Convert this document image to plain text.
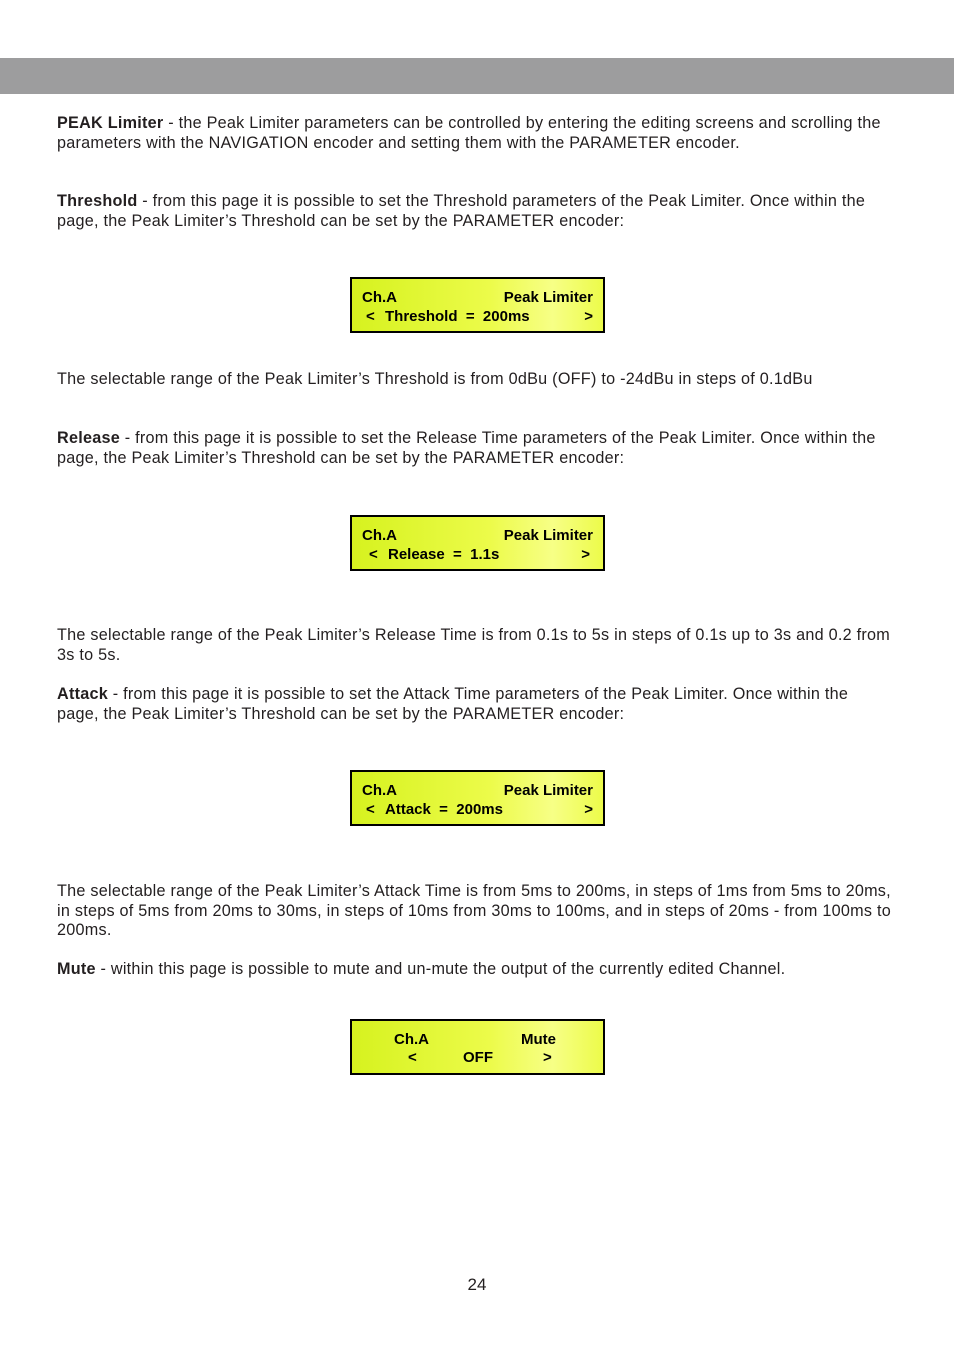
PEAK Limiter - the Peak Limiter parameters can be controlled by entering the editing screens and scrolling the parameters with the NAVIGATION encoder and setting them with the PARAMETER encoder.

Threshold - from this page it is possible to set the Threshold parameters of the Peak Limiter. Once within the page, the Peak Limiter’s Threshold can be set by the PARAMETER encoder:

Ch.A	Peak Limiter
< Threshold  =  200ms	>

The selectable range of the Peak Limiter’s Threshold is from 0dBu (OFF) to -24dBu in steps of 0.1dBu

Release - from this page it is possible to set the Release Time parameters of the Peak Limiter. Once within the page, the Peak Limiter’s Threshold can be set by the PARAMETER encoder:

Ch.A	Peak Limiter
< Release  =  1.1s	>

The selectable range of the Peak Limiter’s Release Time is from 0.1s to 5s in steps of 0.1s up to 3s and 0.2 from 3s to 5s.

Attack - from this page it is possible to set the Attack Time parameters of the Peak Limiter. Once within the page, the Peak Limiter’s Threshold can be set by the PARAMETER encoder:

Ch.A	Peak Limiter
< Attack  =  200ms	>

The selectable range of the Peak Limiter’s Attack Time is from 5ms to 200ms, in steps of 1ms from 5ms to 20ms, in steps of 5ms from 20ms to 30ms, in steps of 10ms from 30ms to 100ms, and in steps of 20ms - from 100ms to 200ms.

Mute - within this page is possible to mute and un-mute the output of the currently edited Channel.

Ch.A	Mute
<	OFF	>
24
